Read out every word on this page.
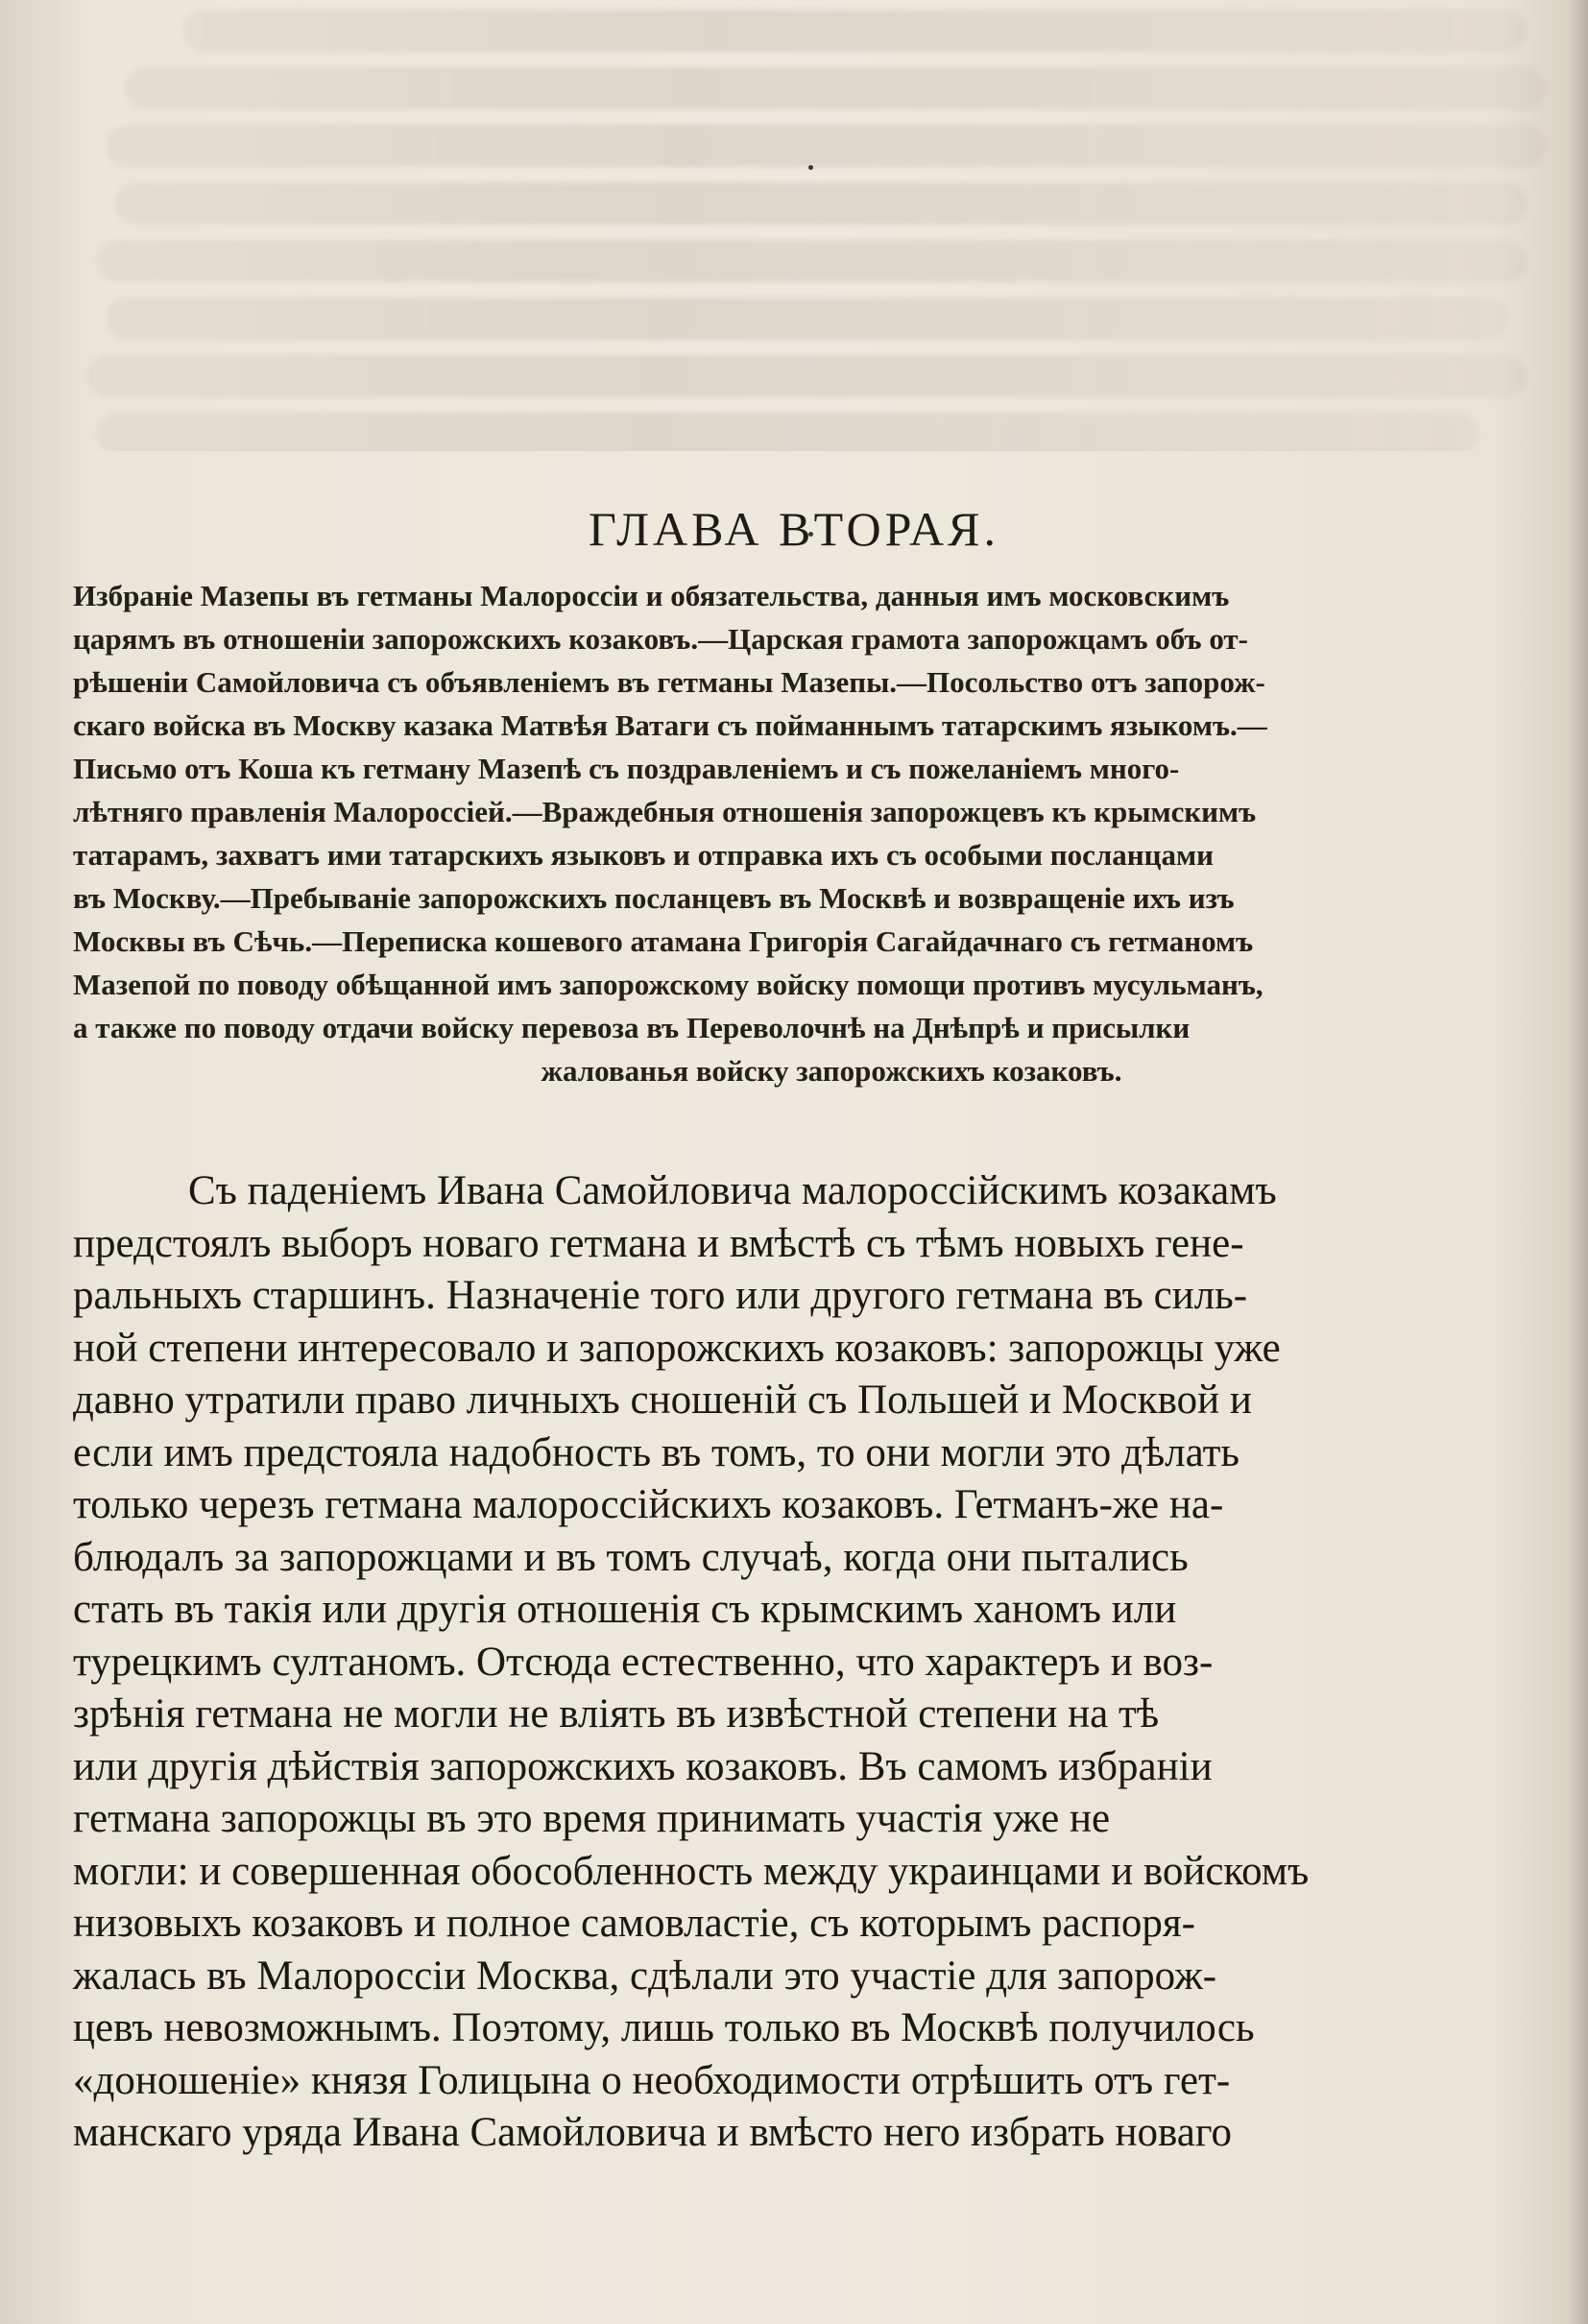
ГЛАВА ВТОРАЯ.
Избраніе Мазепы въ гетманы Малороссіи и обязательства, данныя имъ московскимъ
царямъ въ отношеніи запорожскихъ козаковъ.—Царская грамота запорожцамъ объ от-
рѣшеніи Самойловича съ объявленіемъ въ гетманы Мазепы.—Посольство отъ запорож-
скаго войска въ Москву казака Матвѣя Ватаги съ пойманнымъ татарскимъ языкомъ.—
Письмо отъ Коша къ гетману Мазепѣ съ поздравленіемъ и съ пожеланіемъ много-
лѣтняго правленія Малороссіей.—Враждебныя отношенія запорожцевъ къ крымскимъ
татарамъ, захватъ ими татарскихъ языковъ и отправка ихъ съ особыми посланцами
въ Москву.—Пребываніе запорожскихъ посланцевъ въ Москвѣ и возвращеніе ихъ изъ
Москвы въ Сѣчь.—Переписка кошевого атамана Григорія Сагайдачнаго съ гетманомъ
Мазепой по поводу обѣщанной имъ запорожскому войску помощи противъ мусульманъ,
а также по поводу отдачи войску перевоза въ Переволочнѣ на Днѣпрѣ и присылки
жалованья войску запорожскихъ козаковъ.
Съ паденіемъ Ивана Самойловича малороссійскимъ козакамъ
предстоялъ выборъ новаго гетмана и вмѣстѣ съ тѣмъ новыхъ гене-
ральныхъ старшинъ. Назначеніе того или другого гетмана въ силь-
ной степени интересовало и запорожскихъ козаковъ: запорожцы уже
давно утратили право личныхъ сношеній съ Польшей и Москвой и
если имъ предстояла надобность въ томъ, то они могли это дѣлать
только черезъ гетмана малороссійскихъ козаковъ. Гетманъ-же на-
блюдалъ за запорожцами и въ томъ случаѣ, когда они пытались
стать въ такія или другія отношенія съ крымскимъ ханомъ или
турецкимъ султаномъ. Отсюда естественно, что характеръ и воз-
зрѣнія гетмана не могли не вліять въ извѣстной степени на тѣ
или другія дѣйствія запорожскихъ козаковъ. Въ самомъ избраніи
гетмана запорожцы въ это время принимать участія уже не
могли: и совершенная обособленность между украинцами и войскомъ
низовыхъ козаковъ и полное самовластіе, съ которымъ распоря-
жалась въ Малороссіи Москва, сдѣлали это участіе для запорож-
цевъ невозможнымъ. Поэтому, лишь только въ Москвѣ получилось
«доношеніе» князя Голицына о необходимости отрѣшить отъ гет-
манскаго уряда Ивана Самойловича и вмѣсто него избрать новаго
